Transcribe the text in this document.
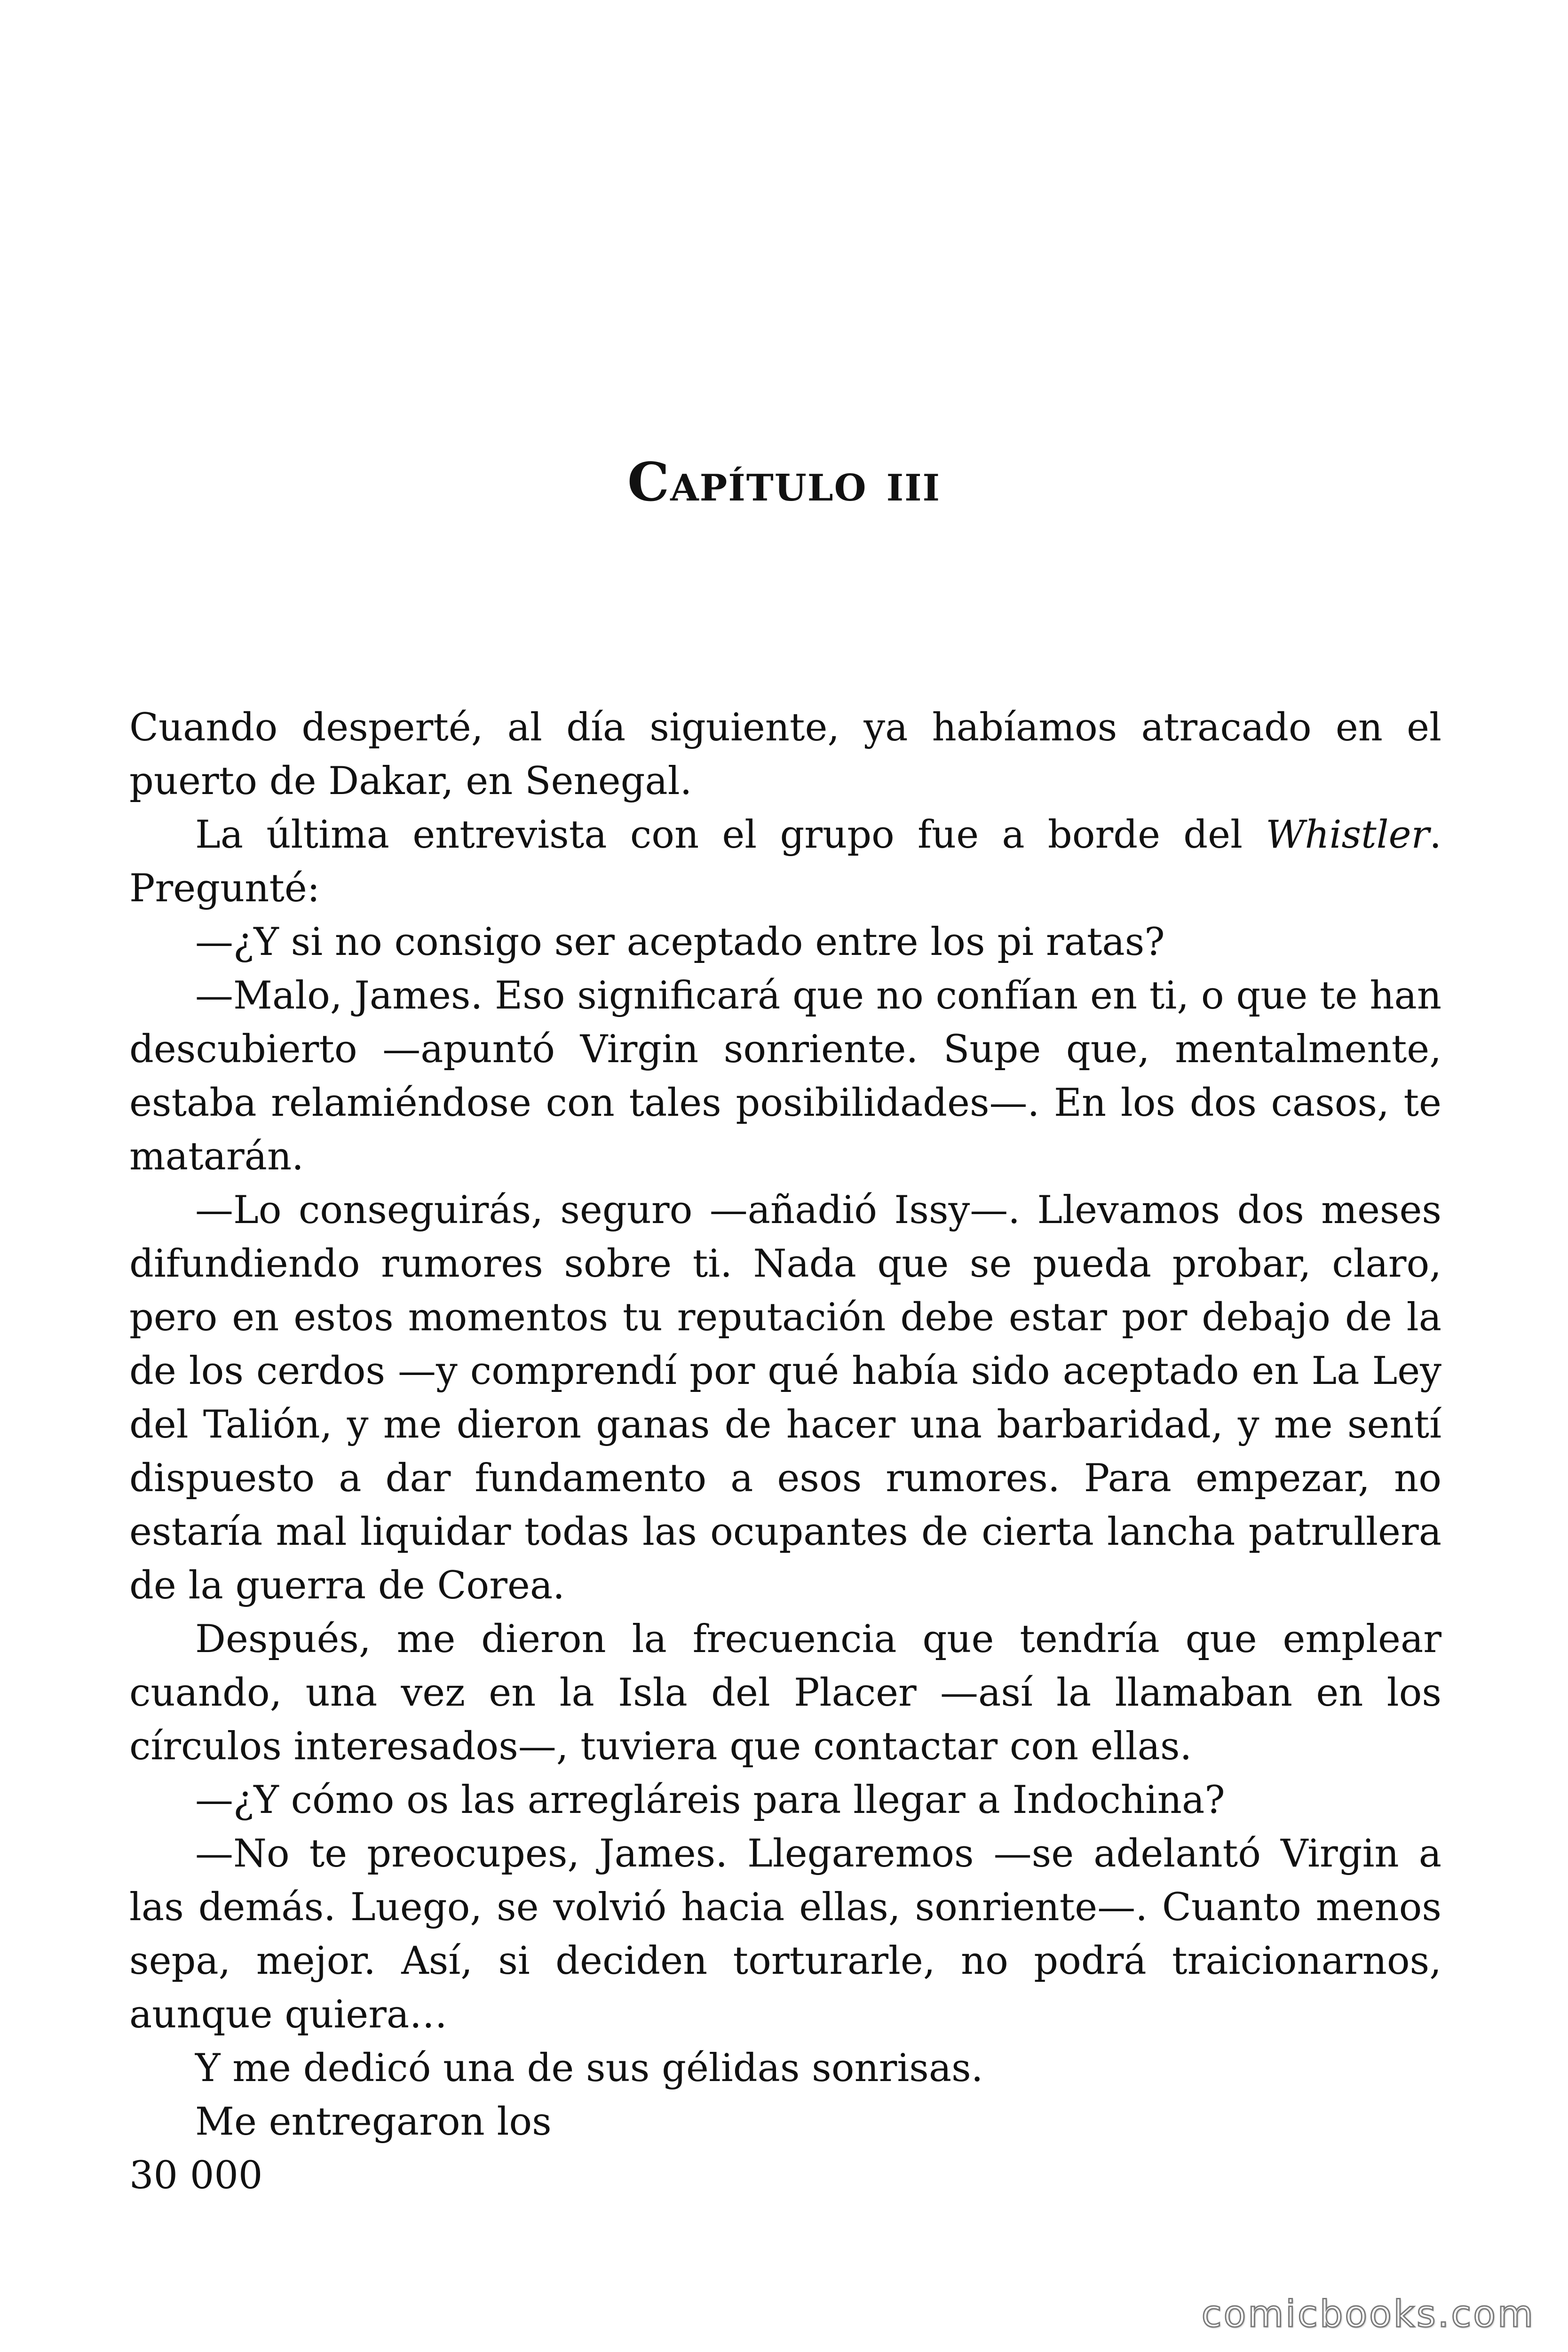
Capítulo iii

Cuando desperté, al día siguiente, ya habíamos atracado en el puerto de Dakar, en Senegal.

La última entrevista con el grupo fue a borde del Whistler. Pregunté:

—¿Y si no consigo ser aceptado entre los pi ratas?

—Malo, James. Eso significará que no confían en ti, o que te han descubierto —apuntó Virgin sonriente. Supe que, mentalmente, estaba relamiéndose con tales posibilidades—. En los dos casos, te matarán.

—Lo conseguirás, seguro —añadió Issy—. Llevamos dos meses difundiendo rumores sobre ti. Nada que se pueda probar, claro, pero en estos momentos tu reputación debe estar por debajo de la de los cerdos —y comprendí por qué había sido aceptado en La Ley del Talión, y me dieron ganas de hacer una barbaridad, y me sentí dispuesto a dar fundamento a esos rumores. Para empezar, no estaría mal liquidar todas las ocupantes de cierta lancha patrullera de la guerra de Corea.

Después, me dieron la frecuencia que tendría que emplear cuando, una vez en la Isla del Placer —así la llamaban en los círculos interesados—, tuviera que contactar con ellas.

—¿Y cómo os las arregláreis para llegar a Indochina?

—No te preocupes, James. Llegaremos —se adelantó Virgin a las demás. Luego, se volvió hacia ellas, sonriente—. Cuanto menos sepa, mejor. Así, si deciden torturarle, no podrá traicionarnos, aunque quiera…

Y me dedicó una de sus gélidas sonrisas.

Me entregaron los

30 000

comicbooks.com
